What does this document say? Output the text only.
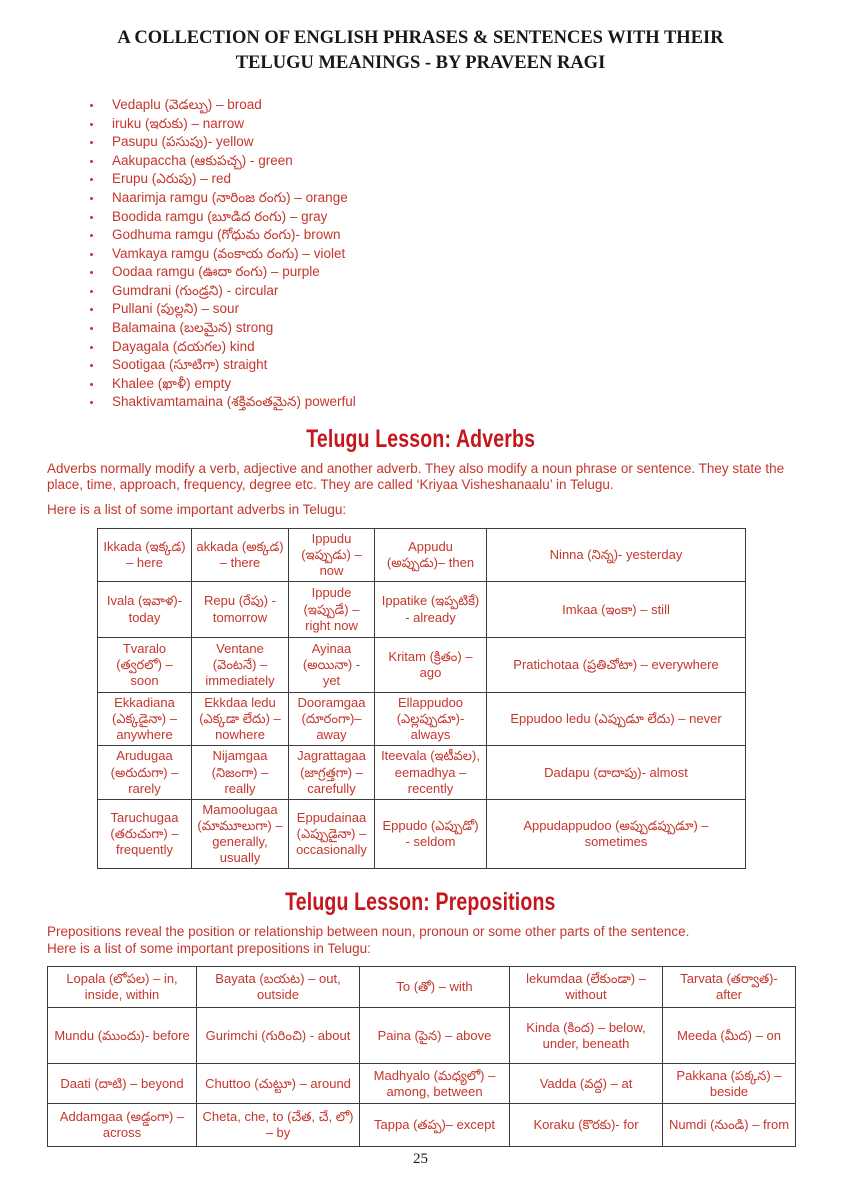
A COLLECTION OF ENGLISH PHRASES & SENTENCES WITH THEIR
TELUGU MEANINGS - BY PRAVEEN RAGI
• Vedaplu (వెడల్పు) – broad
• iruku (ఇరుకు) – narrow
• Pasupu (పసుపు)- yellow
• Aakupaccha (ఆకుపచ్చ) - green
• Erupu (ఎరుపు) – red
• Naarimja ramgu (నారింజ రంగు) – orange
• Boodida ramgu (బూడిద రంగు) – gray
• Godhuma ramgu (గోధుమ రంగు)- brown
• Vamkaya ramgu (వంకాయ రంగు) – violet
• Oodaa ramgu (ఊదా రంగు) – purple
• Gumdrani (గుండ్రని) - circular
• Pullani (పుల్లని) – sour
• Balamaina (బలమైన) strong
• Dayagala (దయగల) kind
• Sootigaa (సూటిగా) straight
• Khalee (ఖాళీ) empty
• Shaktivamtamaina (శక్తివంతమైన) powerful
Telugu Lesson: Adverbs

Adverbs normally modify a verb, adjective and another adverb. They also modify a noun phrase or sentence. They state the place, time, approach, frequency, degree etc. They are called ‘Kriyaa Visheshanaalu’ in Telugu.

Here is a list of some important adverbs in Telugu:

Ikkada (ఇక్కడ) – here	akkada (అక్కడ) – there	Ippudu (ఇప్పుడు) – now	Appudu (అప్పుడు)– then	Ninna (నిన్న)- yesterday
Ivala (ఇవాళ)- today	Repu (రేపు) - tomorrow	Ippude (ఇప్పుడే) – right now	Ippatike (ఇప్పటికే) - already	Imkaa (ఇంకా) – still
Tvaralo (త్వరలో) – soon	Ventane (వెంటనే) – immediately	Ayinaa (అయినా) - yet	Kritam (క్రితం) – ago	Pratichotaa (ప్రతిచోటా) – everywhere
Ekkadiana (ఎక్కడైనా) – anywhere	Ekkdaa ledu (ఎక్కడా లేదు) – nowhere	Dooramgaa (దూరంగా)– away	Ellappudoo (ఎల్లప్పుడూ)- always	Eppudoo ledu (ఎప్పుడూ లేదు) – never
Arudugaa (అరుదుగా) – rarely	Nijamgaa (నిజంగా) – really	Jagrattagaa (జాగ్రత్తగా) – carefully	Iteevala (ఇటీవల), eemadhya – recently	Dadapu (దాదాపు)- almost
Taruchugaa (తరుచుగా) – frequently	Mamoolugaa (మామూలుగా) – generally, usually	Eppudainaa (ఎప్పుడైనా) – occasionally	Eppudo (ఎప్పుడో) - seldom	Appudappudoo (అప్పుడప్పుడూ) – sometimes
Telugu Lesson: Prepositions

Prepositions reveal the position or relationship between noun, pronoun or some other parts of the sentence.

Here is a list of some important prepositions in Telugu:

Lopala (లోపల) – in, inside, within	Bayata (బయట) – out, outside	To (తో) – with	lekumdaa (లేకుండా) – without	Tarvata (తర్వాత)- after
Mundu (ముందు)- before	Gurimchi (గురించి) - about	Paina (పైన) – above	Kinda (కింద) – below, under, beneath	Meeda (మీద) – on
Daati (దాటి) – beyond	Chuttoo (చుట్టూ) – around	Madhyalo (మధ్యలో) – among, between	Vadda (వద్ద) – at	Pakkana (పక్కన) – beside
Addamgaa (అడ్డంగా) – across	Cheta, che, to (చేత, చే, లో) – by	Tappa (తప్ప)– except	Koraku (కొరకు)- for	Numdi (నుండి) – from
25
